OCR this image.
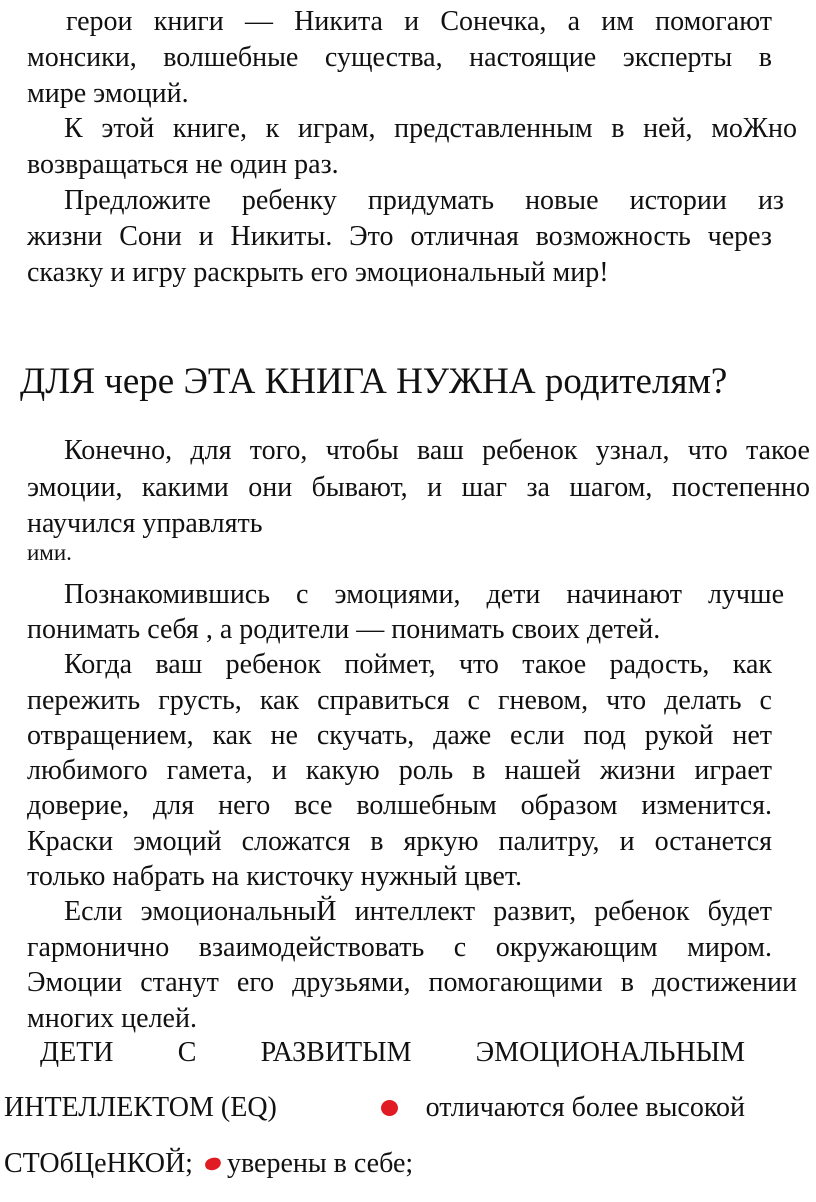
герои книги — Никита и Сонечка, а им помогают
монсики, волшебные существа, настоящие эксперты в
мире эмоций.
К этой книге, к играм, представленным в ней, моЖно
возвращаться не один раз.
Предложите ребенку придумать новые истории из
жизни Сони и Никиты. Это отличная возможность через
сказку и игру раскрыть его эмоциональный мир!
ДЛЯ чере ЭТА КНИГА НУЖНА родителям?
Конечно, для того, чтобы ваш ребенок узнал, что такое
эмоции, какими они бывают, и шаг за шагом, постепенно
научился управлять
ими.
Познакомившись с эмоциями, дети начинают лучше
понимать себя , а родители — понимать своих детей.
Когда ваш ребенок поймет, что такое радость, как
пережить грусть, как справиться с гневом, что делать с
отвращением, как не скучать, даже если под рукой нет
любимого гамета, и какую роль в нашей жизни играет
доверие, для него все волшебным образом изменится.
Краски эмоций сложатся в яркую палитру, и останется
только набрать на кисточку нужный цвет.
Если эмоциональныЙ интеллект развит, ребенок будет
гармонично взаимодействовать с окружающим миром.
Эмоции станут его друзьями, помогающими в достижении
многих целей.
ДЕТИ С РАЗВИТЫМ ЭМОЦИОНАЛЬНЫМ
ИНТЕЛЛЕКТОМ (EQ)	отличаются более высокой
СТОбЦеНКОЙ; уверены в себе;
